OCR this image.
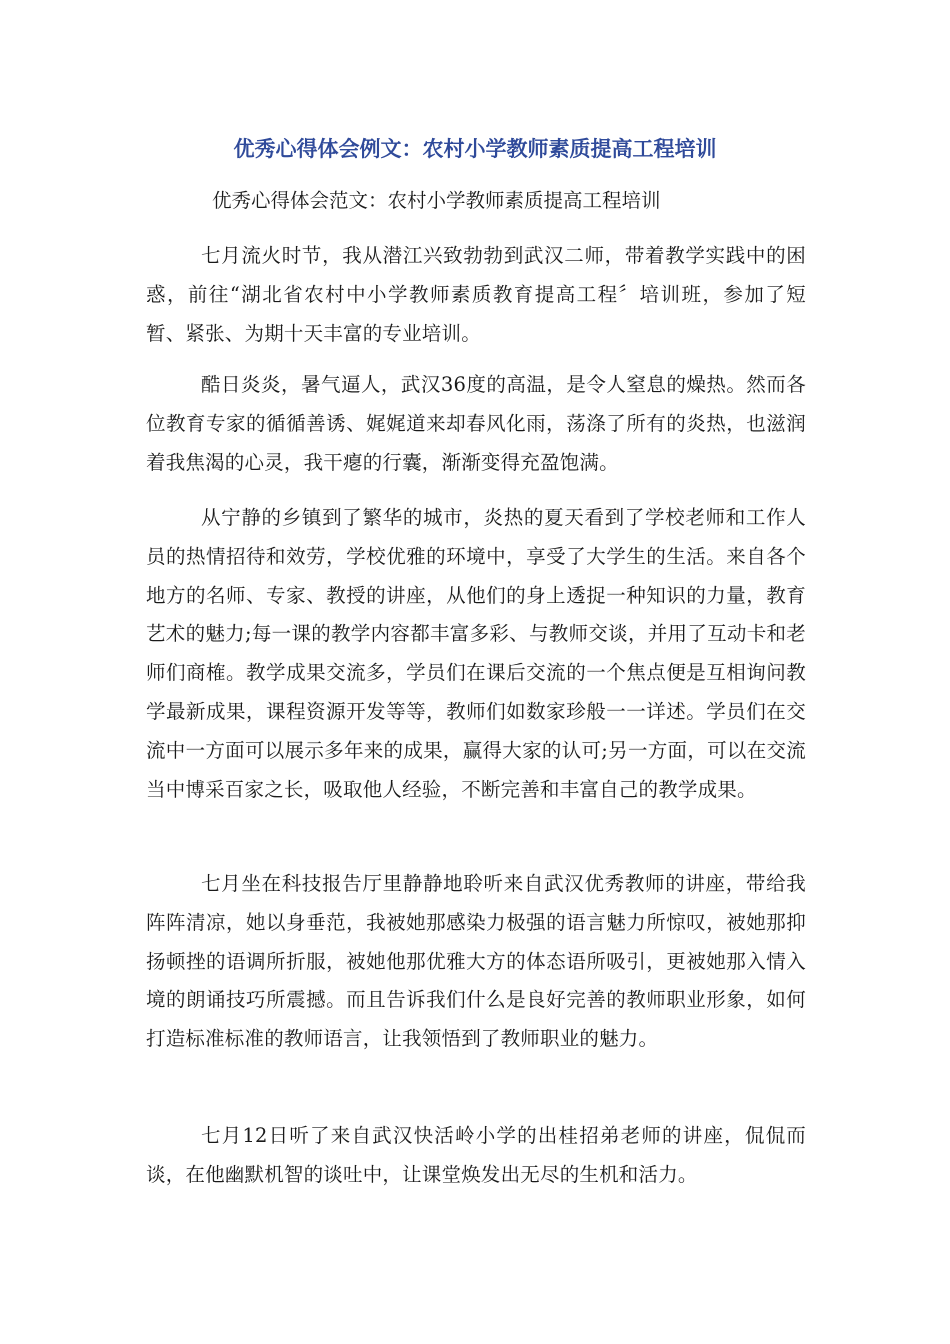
优秀心得体会例文：农村小学教师素质提高工程培训

优秀心得体会范文：农村小学教师素质提高工程培训

七月流火时节，我从潜江兴致勃勃到武汉二师，带着教学实践中的困惑，前往“湖北省农村中小学教师素质教育提高工程〞培训班，参加了短暂、紧张、为期十天丰富的专业培训。

酷日炎炎，暑气逼人，武汉36度的高温，是令人窒息的燥热。然而各位教育专家的循循善诱、娓娓道来却春风化雨，荡涤了所有的炎热，也滋润着我焦渴的心灵，我干瘪的行囊，渐渐变得充盈饱满。

从宁静的乡镇到了繁华的城市，炎热的夏天看到了学校老师和工作人员的热情招待和效劳，学校优雅的环境中，享受了大学生的生活。来自各个地方的名师、专家、教授的讲座，从他们的身上透捉一种知识的力量，教育艺术的魅力;每一课的教学内容都丰富多彩、与教师交谈，并用了互动卡和老师们商榷。教学成果交流多，学员们在课后交流的一个焦点便是互相询问教学最新成果，课程资源开发等等，教师们如数家珍般一一详述。学员们在交流中一方面可以展示多年来的成果，赢得大家的认可;另一方面，可以在交流当中博采百家之长，吸取他人经验，不断完善和丰富自己的教学成果。

七月坐在科技报告厅里静静地聆听来自武汉优秀教师的讲座，带给我阵阵清凉，她以身垂范，我被她那感染力极强的语言魅力所惊叹，被她那抑扬顿挫的语调所折服，被她他那优雅大方的体态语所吸引，更被她那入情入境的朗诵技巧所震撼。而且告诉我们什么是良好完善的教师职业形象，如何打造标准标准的教师语言，让我领悟到了教师职业的魅力。

七月12日听了来自武汉快活岭小学的出桂招弟老师的讲座，侃侃而谈，在他幽默机智的谈吐中，让课堂焕发出无尽的生机和活力。
